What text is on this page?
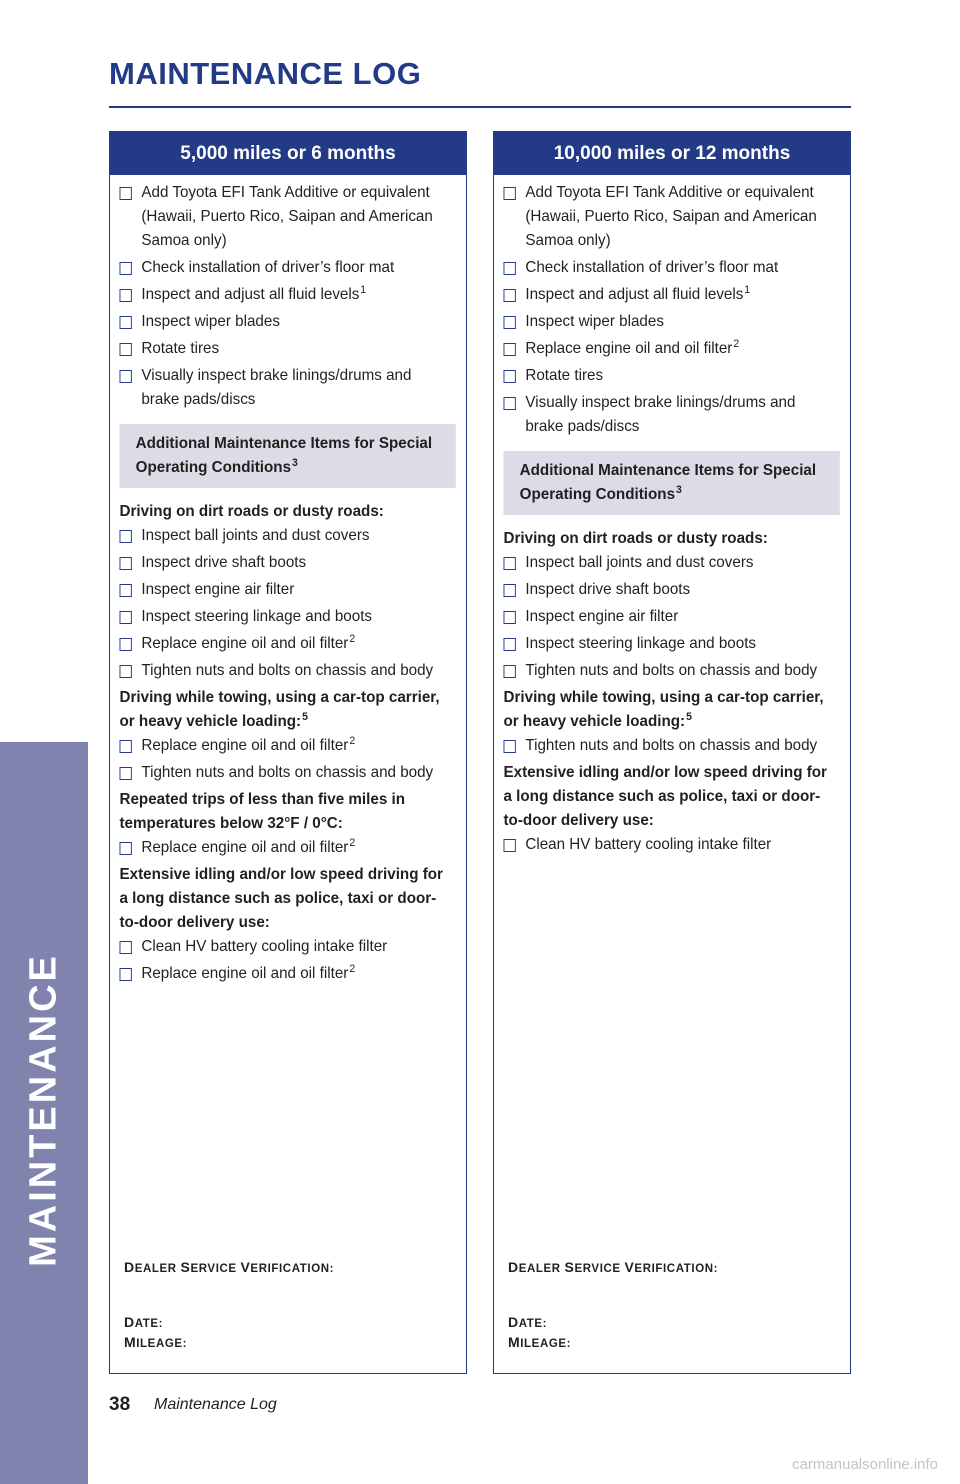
MAINTENANCE
MAINTENANCE LOG
5,000 miles or 6 months
Add Toyota EFI Tank Additive or equivalent (Hawaii, Puerto Rico, Saipan and American Samoa only)
Check installation of driver’s floor mat
Inspect and adjust all fluid levels$^1$
Inspect wiper blades
Rotate tires
Visually inspect brake linings/drums and brake pads/discs
Additional Maintenance Items for Special Operating Conditions$^3$
Driving on dirt roads or dusty roads:
Inspect ball joints and dust covers
Inspect drive shaft boots
Inspect engine air filter
Inspect steering linkage and boots
Replace engine oil and oil filter$^2$
Tighten nuts and bolts on chassis and body
Driving while towing, using a car-top carrier, or heavy vehicle loading:$^5$
Replace engine oil and oil filter$^2$
Tighten nuts and bolts on chassis and body
Repeated trips of less than five miles in temperatures below 32°F / 0°C:
Replace engine oil and oil filter$^2$
Extensive idling and/or low speed driving for a long distance such as police, taxi or door-to-door delivery use:
Clean HV battery cooling intake filter
Replace engine oil and oil filter$^2$
DEALER SERVICE VERIFICATION:
DATE:
MILEAGE:
10,000 miles or 12 months
Add Toyota EFI Tank Additive or equivalent (Hawaii, Puerto Rico, Saipan and American Samoa only)
Check installation of driver’s floor mat
Inspect and adjust all fluid levels$^1$
Inspect wiper blades
Replace engine oil and oil filter$^2$
Rotate tires
Visually inspect brake linings/drums and brake pads/discs
Additional Maintenance Items for Special Operating Conditions$^3$
Driving on dirt roads or dusty roads:
Inspect ball joints and dust covers
Inspect drive shaft boots
Inspect engine air filter
Inspect steering linkage and boots
Tighten nuts and bolts on chassis and body
Driving while towing, using a car-top carrier, or heavy vehicle loading:$^5$
Tighten nuts and bolts on chassis and body
Extensive idling and/or low speed driving for a long distance such as police, taxi or door-to-door delivery use:
Clean HV battery cooling intake filter
DEALER SERVICE VERIFICATION:
DATE:
MILEAGE:
38 Maintenance Log
carmanualsonline.info
